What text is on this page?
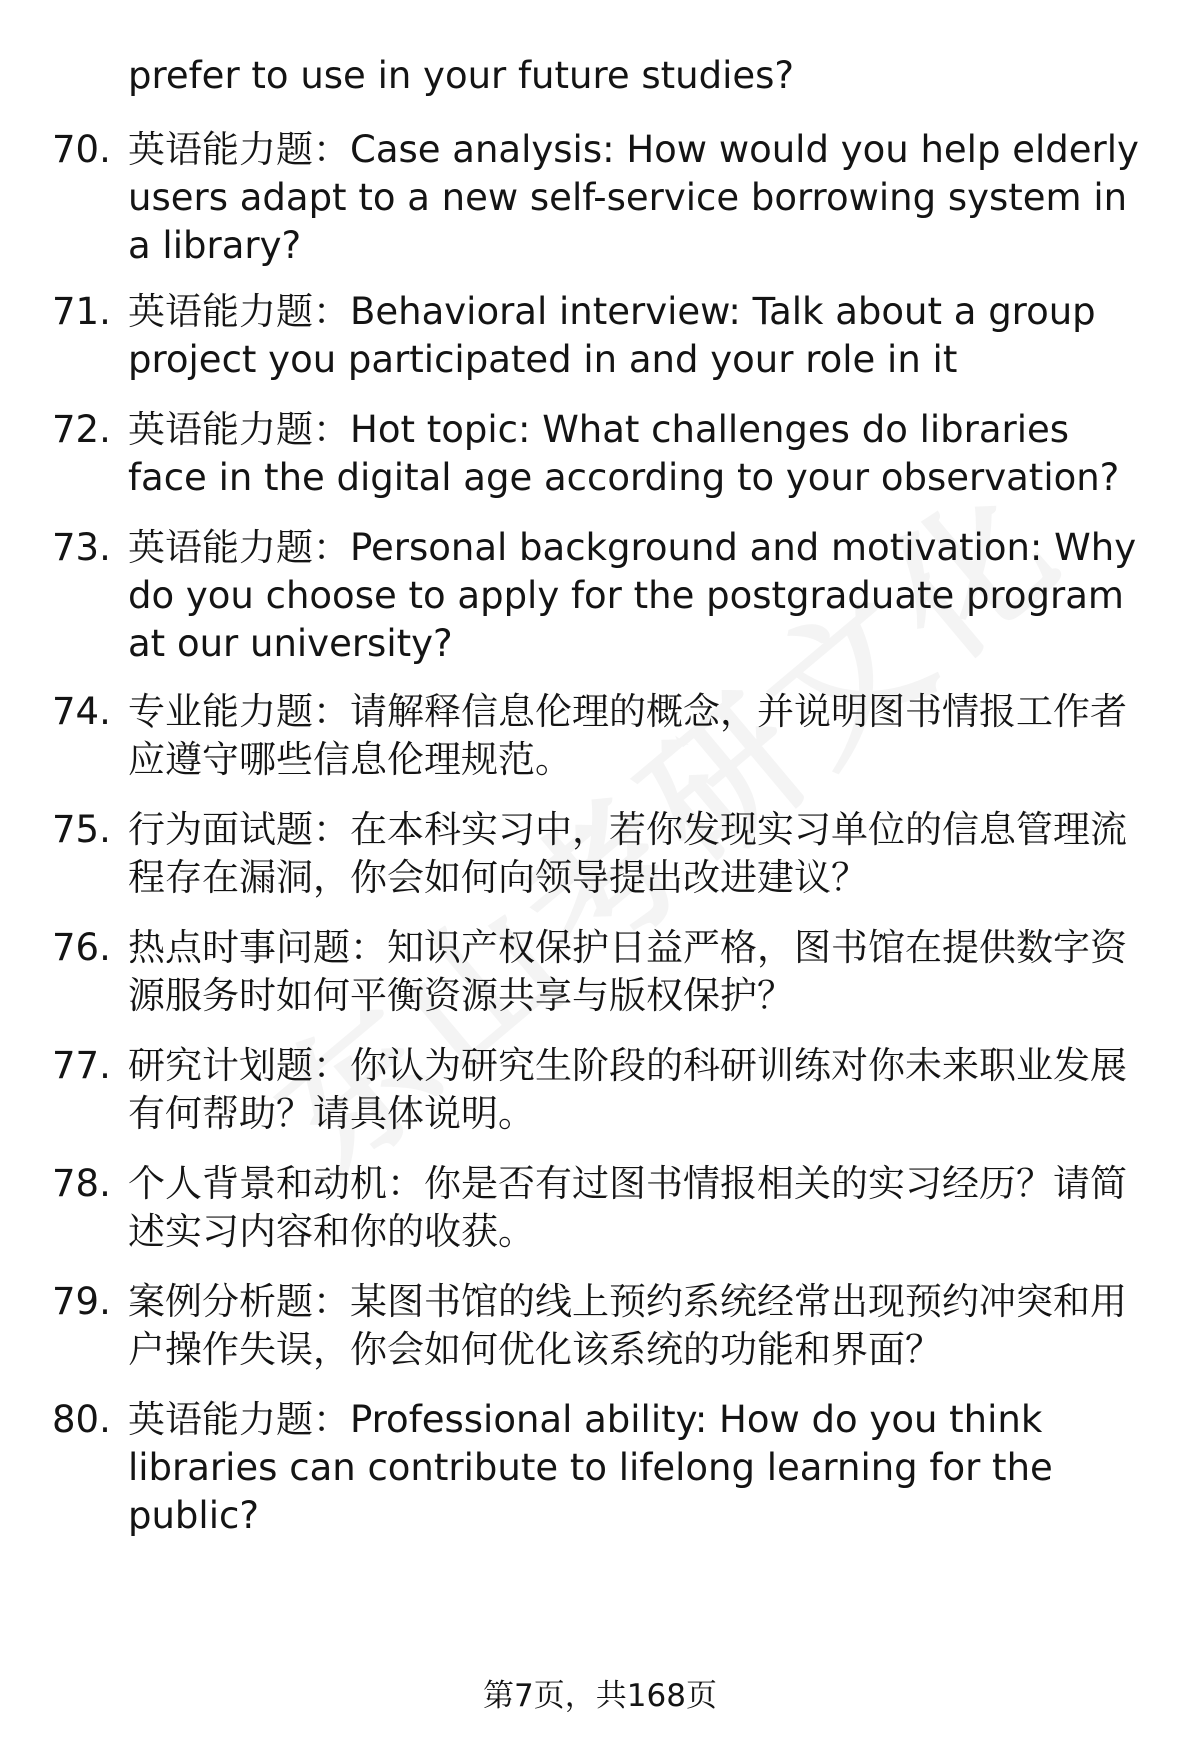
prefer to use in your future studies?
70. 英语能力题：Case analysis: How would you help elderly users adapt to a new self-service borrowing system in a library?
71. 英语能力题：Behavioral interview: Talk about a group project you participated in and your role in it
72. 英语能力题：Hot topic: What challenges do libraries face in the digital age according to your observation?
73. 英语能力题：Personal background and motivation: Why do you choose to apply for the postgraduate program at our university?
74. 专业能力题：请解释信息伦理的概念，并说明图书情报工作者应遵守哪些信息伦理规范。
75. 行为面试题：在本科实习中，若你发现实习单位的信息管理流程存在漏洞，你会如何向领导提出改进建议？
76. 热点时事问题：知识产权保护日益严格，图书馆在提供数字资源服务时如何平衡资源共享与版权保护？
77. 研究计划题：你认为研究生阶段的科研训练对你未来职业发展有何帮助？请具体说明。
78. 个人背景和动机：你是否有过图书情报相关的实习经历？请简述实习内容和你的收获。
79. 案例分析题：某图书馆的线上预约系统经常出现预约冲突和用户操作失误，你会如何优化该系统的功能和界面？
80. 英语能力题：Professional ability: How do you think libraries can contribute to lifelong learning for the public?
第7页，共168页
